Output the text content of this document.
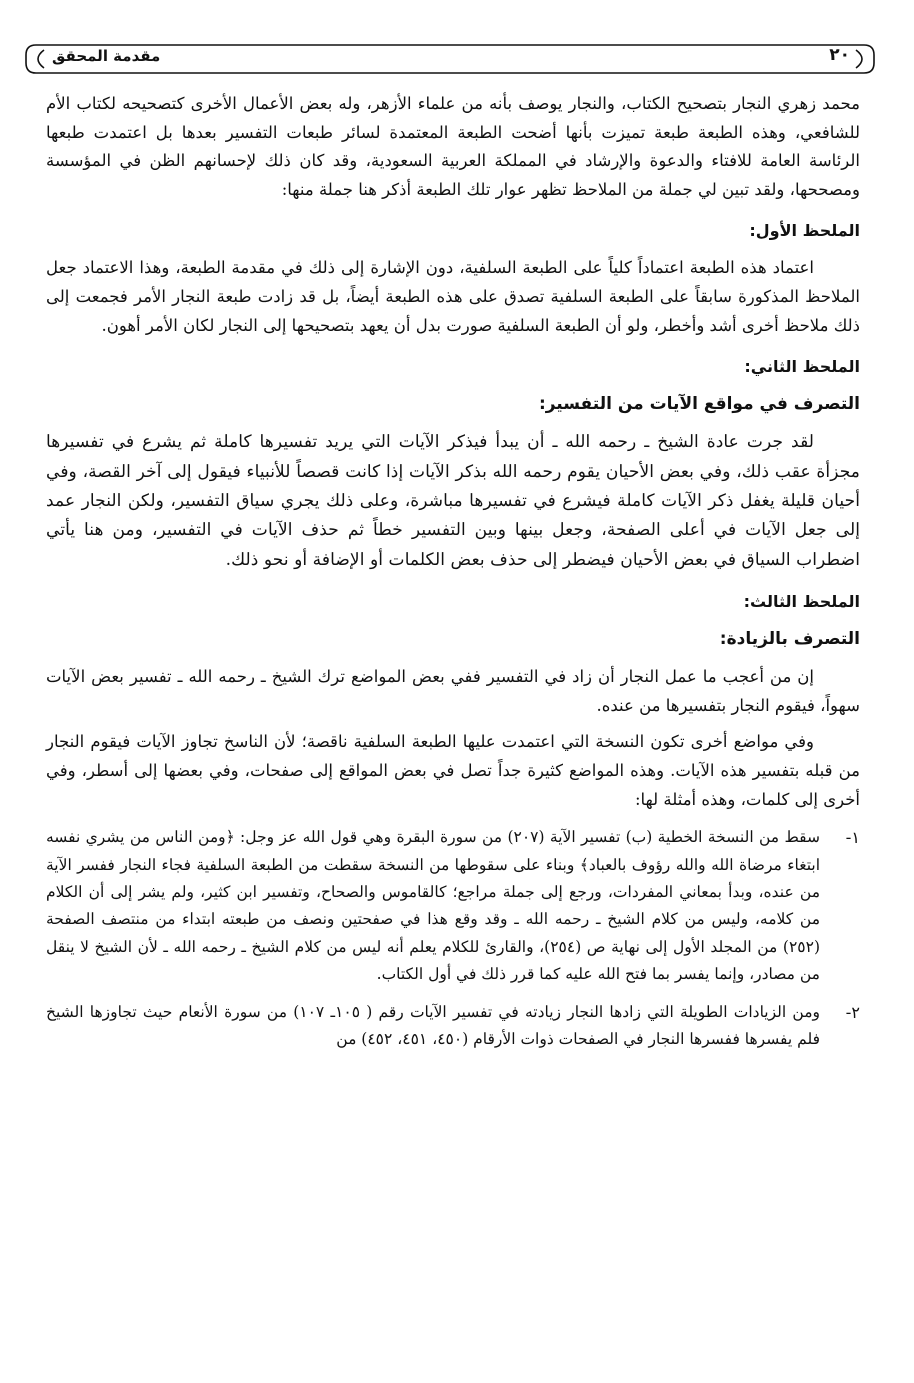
٢٠
مقدمة المحقق

محمد زهري النجار بتصحيح الكتاب، والنجار يوصف بأنه من علماء الأزهر، وله بعض الأعمال الأخرى كتصحيحه لكتاب الأم للشافعي، وهذه الطبعة طبعة تميزت بأنها أضحت الطبعة المعتمدة لسائر طبعات التفسير بعدها بل اعتمدت طبعها الرئاسة العامة للافتاء والدعوة والإرشاد في المملكة العربية السعودية، وقد كان ذلك لإحسانهم الظن في المؤسسة ومصححها، ولقد تبين لي جملة من الملاحظ تظهر عوار تلك الطبعة أذكر هنا جملة منها:

الملحظ الأول:

اعتماد هذه الطبعة اعتماداً كلياً على الطبعة السلفية، دون الإشارة إلى ذلك في مقدمة الطبعة، وهذا الاعتماد جعل الملاحظ المذكورة سابقاً على الطبعة السلفية تصدق على هذه الطبعة أيضاً، بل قد زادت طبعة النجار الأمر فجمعت إلى ذلك ملاحظ أخرى أشد وأخطر، ولو أن الطبعة السلفية صورت بدل أن يعهد بتصحيحها إلى النجار لكان الأمر أهون.

الملحظ الثاني:
التصرف في مواقع الآيات من التفسير:

لقد جرت عادة الشيخ ـ رحمه الله ـ أن يبدأ فيذكر الآيات التي يريد تفسيرها كاملة ثم يشرع في تفسيرها مجزأة عقب ذلك، وفي بعض الأحيان يقوم رحمه الله بذكر الآيات إذا كانت قصصاً للأنبياء فيقول إلى آخر القصة، وفي أحيان قليلة يغفل ذكر الآيات كاملة فيشرع في تفسيرها مباشرة، وعلى ذلك يجري سياق التفسير، ولكن النجار عمد إلى جعل الآيات في أعلى الصفحة، وجعل بينها وبين التفسير خطاً ثم حذف الآيات في التفسير، ومن هنا يأتي اضطراب السياق في بعض الأحيان فيضطر إلى حذف بعض الكلمات أو الإضافة أو نحو ذلك.

الملحظ الثالث:
التصرف بالزيادة:

إن من أعجب ما عمل النجار أن زاد في التفسير ففي بعض المواضع ترك الشيخ ـ رحمه الله ـ تفسير بعض الآيات سهواً، فيقوم النجار بتفسيرها من عنده.

وفي مواضع أخرى تكون النسخة التي اعتمدت عليها الطبعة السلفية ناقصة؛ لأن الناسخ تجاوز الآيات فيقوم النجار من قبله بتفسير هذه الآيات. وهذه المواضع كثيرة جداً تصل في بعض المواقع إلى صفحات، وفي بعضها إلى أسطر، وفي أخرى إلى كلمات، وهذه أمثلة لها:

١-

سقط من النسخة الخطية (ب) تفسير الآية (٢٠٧) من سورة البقرة وهي قول الله عز وجل: ﴿ومن الناس من يشري نفسه ابتغاء مرضاة الله والله رؤوف بالعباد﴾ وبناء على سقوطها من النسخة سقطت من الطبعة السلفية فجاء النجار ففسر الآية من عنده، وبدأ بمعاني المفردات، ورجع إلى جملة مراجع؛ كالقاموس والصحاح، وتفسير ابن كثير، ولم يشر إلى أن الكلام من كلامه، وليس من كلام الشيخ ـ رحمه الله ـ وقد وقع هذا في صفحتين ونصف من طبعته ابتداء من منتصف الصفحة (٢٥٢) من المجلد الأول إلى نهاية ص (٢٥٤)، والقارئ للكلام يعلم أنه ليس من كلام الشيخ ـ رحمه الله ـ لأن الشيخ لا ينقل من مصادر، وإنما يفسر بما فتح الله عليه كما قرر ذلك في أول الكتاب.

٢-

ومن الزيادات الطويلة التي زادها النجار زيادته في تفسير الآيات رقم ( ١٠٥ـ ١٠٧) من سورة الأنعام حيث تجاوزها الشيخ فلم يفسرها ففسرها النجار في الصفحات ذوات الأرقام (٤٥٠، ٤٥١، ٤٥٢) من
